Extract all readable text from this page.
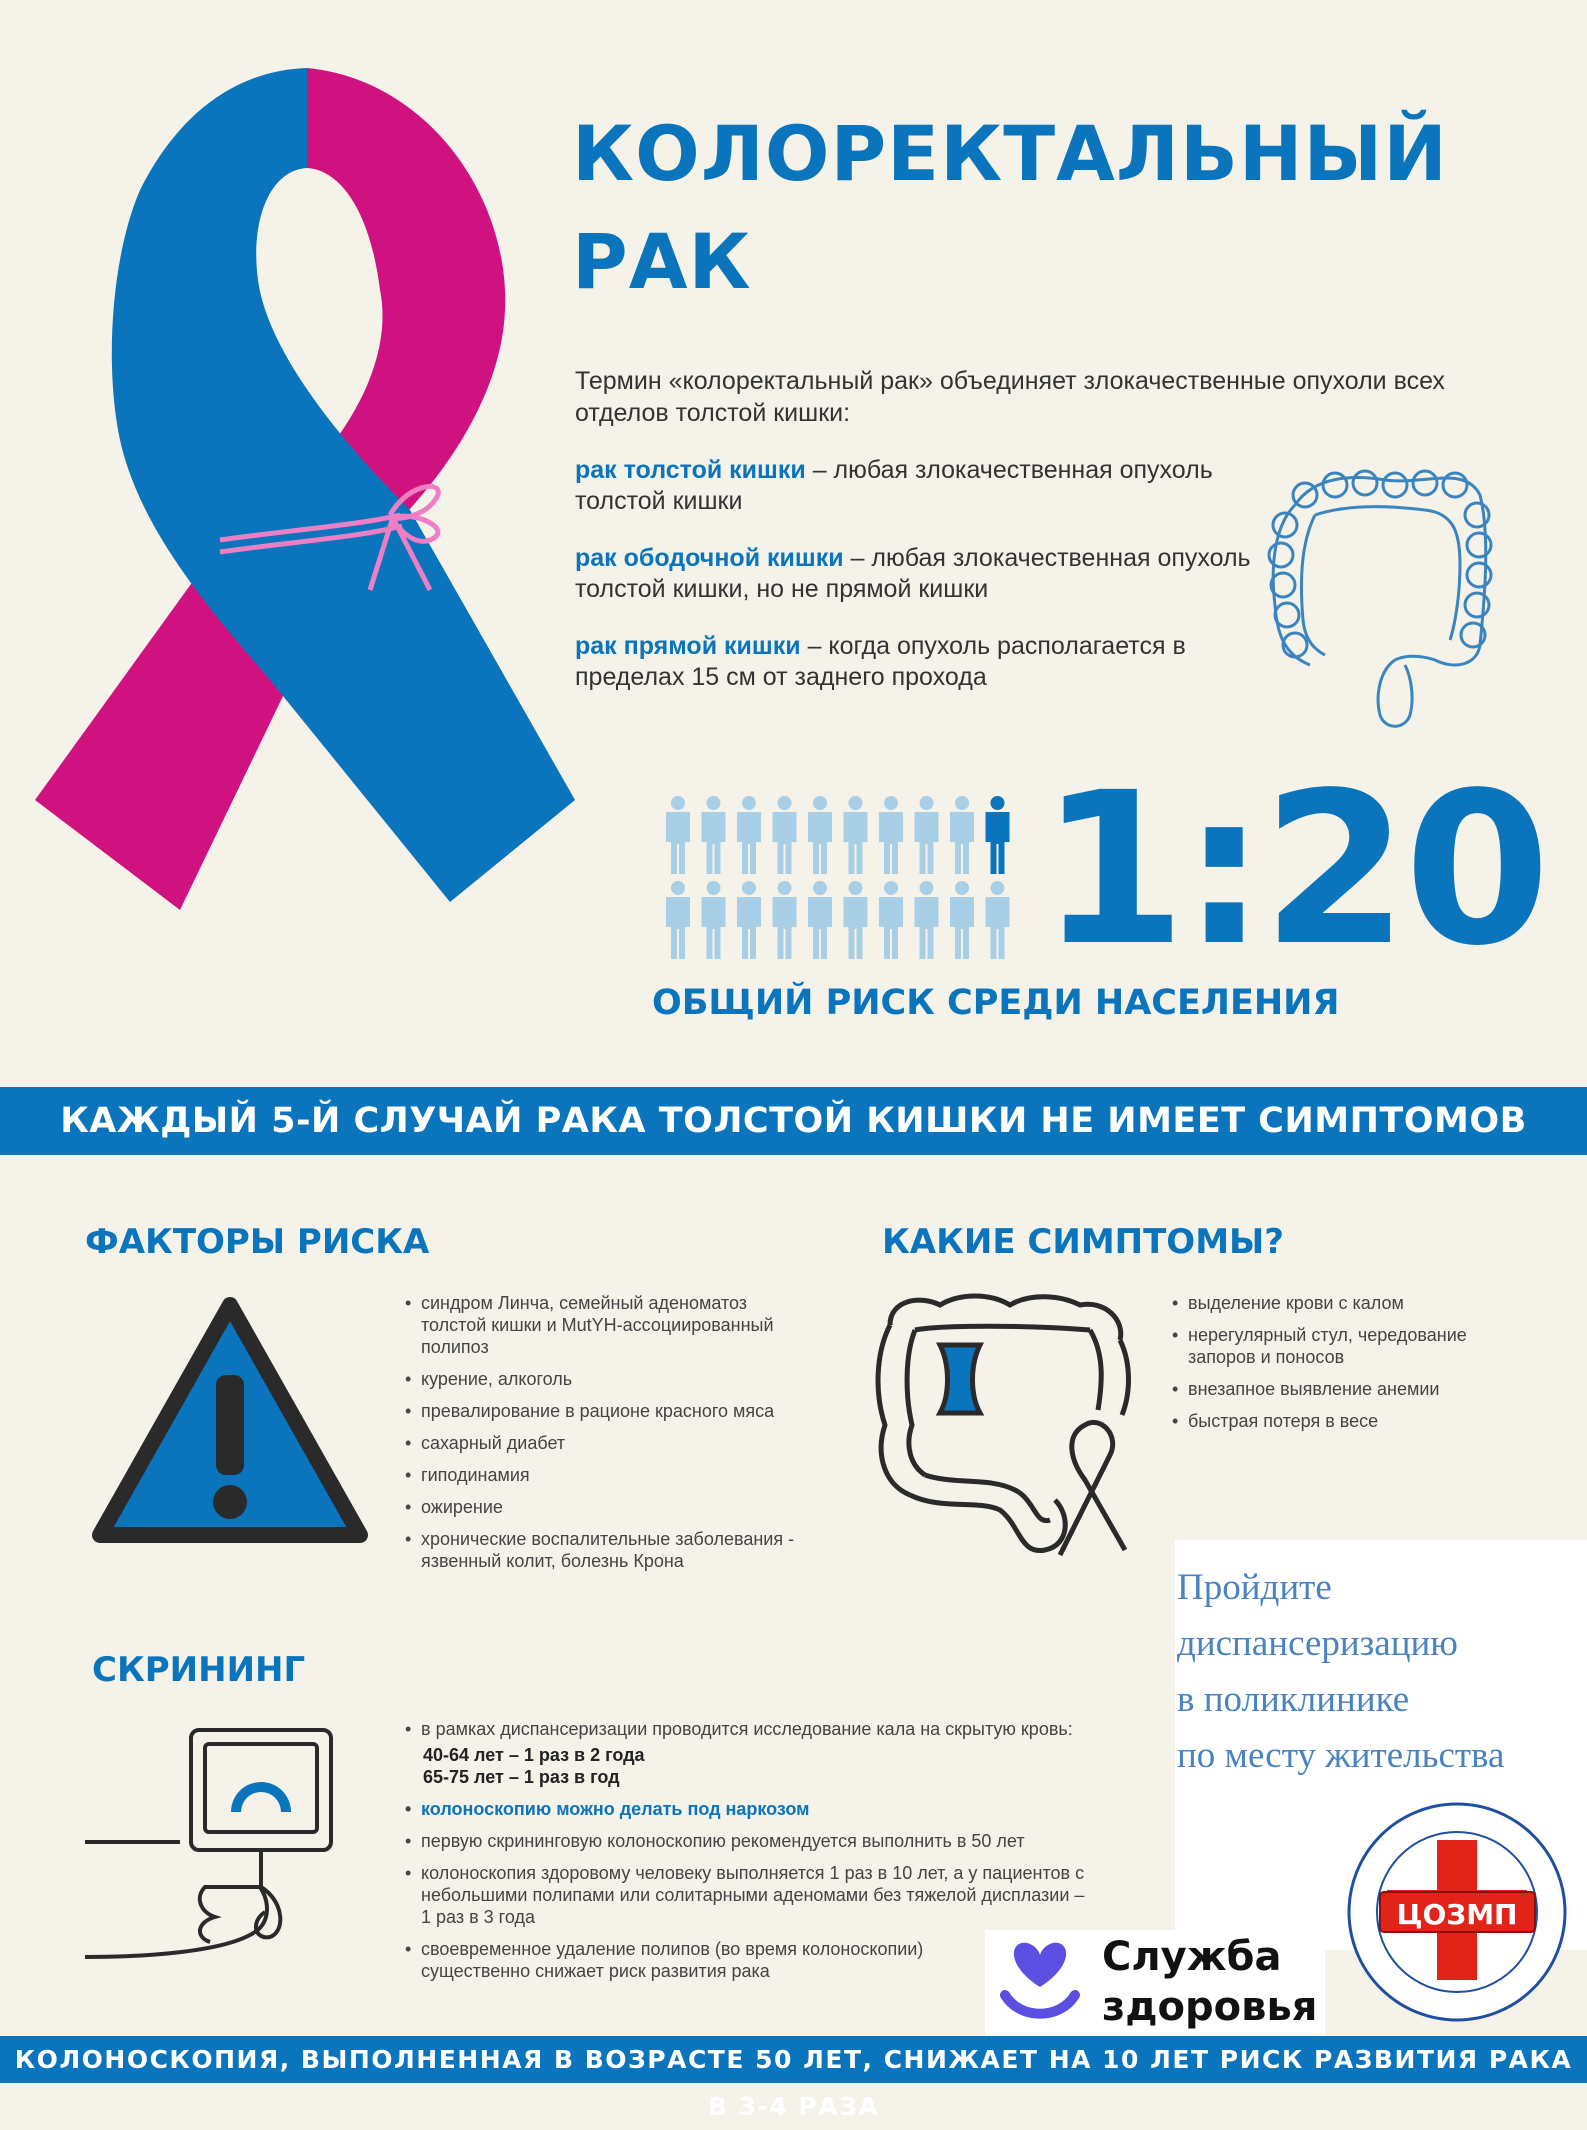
КОЛОРЕКТАЛЬНЫЙ
РАК
Термин «колоректальный рак» объединяет злокачественные опухоли всех отделов толстой кишки:
рак толстой кишки – любая злокачественная опухоль толстой кишки
рак ободочной кишки – любая злокачественная опухоль толстой кишки, но не прямой кишки
рак прямой кишки – когда опухоль располагается в пределах 15 см от заднего прохода
1:20
ОБЩИЙ РИСК СРЕДИ НАСЕЛЕНИЯ
КАЖДЫЙ 5-Й СЛУЧАЙ РАКА ТОЛСТОЙ КИШКИ НЕ ИМЕЕТ СИМПТОМОВ
ФАКТОРЫ РИСКА
• синдром Линча, семейный аденоматоз толстой кишки и MutYH-ассоциированный полипоз
• курение, алкоголь
• превалирование в рационе красного мяса
• сахарный диабет
• гиподинамия
• ожирение
• хронические воспалительные заболевания - язвенный колит, болезнь Крона
КАКИЕ СИМПТОМЫ?
• выделение крови с калом
• нерегулярный стул, чередование запоров и поносов
• внезапное выявление анемии
• быстрая потеря в весе
СКРИНИНГ
• в рамках диспансеризации проводится исследование кала на скрытую кровь:
40-64 лет – 1 раз в 2 года
65-75 лет – 1 раз в год
• колоноскопию можно делать под наркозом
• первую скрининговую колоноскопию рекомендуется выполнить в 50 лет
• колоноскопия здоровому человеку выполняется 1 раз в 10 лет, а у пациентов с небольшими полипами или солитарными аденомами без тяжелой дисплазии – 1 раз в 3 года
• своевременное удаление полипов (во время колоноскопии) существенно снижает риск развития рака
Пройдите
диспансеризацию
в поликлинике
по месту жительства
ЦОЗМП
Служба
здоровья
КОЛОНОСКОПИЯ, ВЫПОЛНЕННАЯ В ВОЗРАСТЕ 50 ЛЕТ, СНИЖАЕТ НА 10 ЛЕТ РИСК РАЗВИТИЯ РАКА В 3-4 РАЗА
